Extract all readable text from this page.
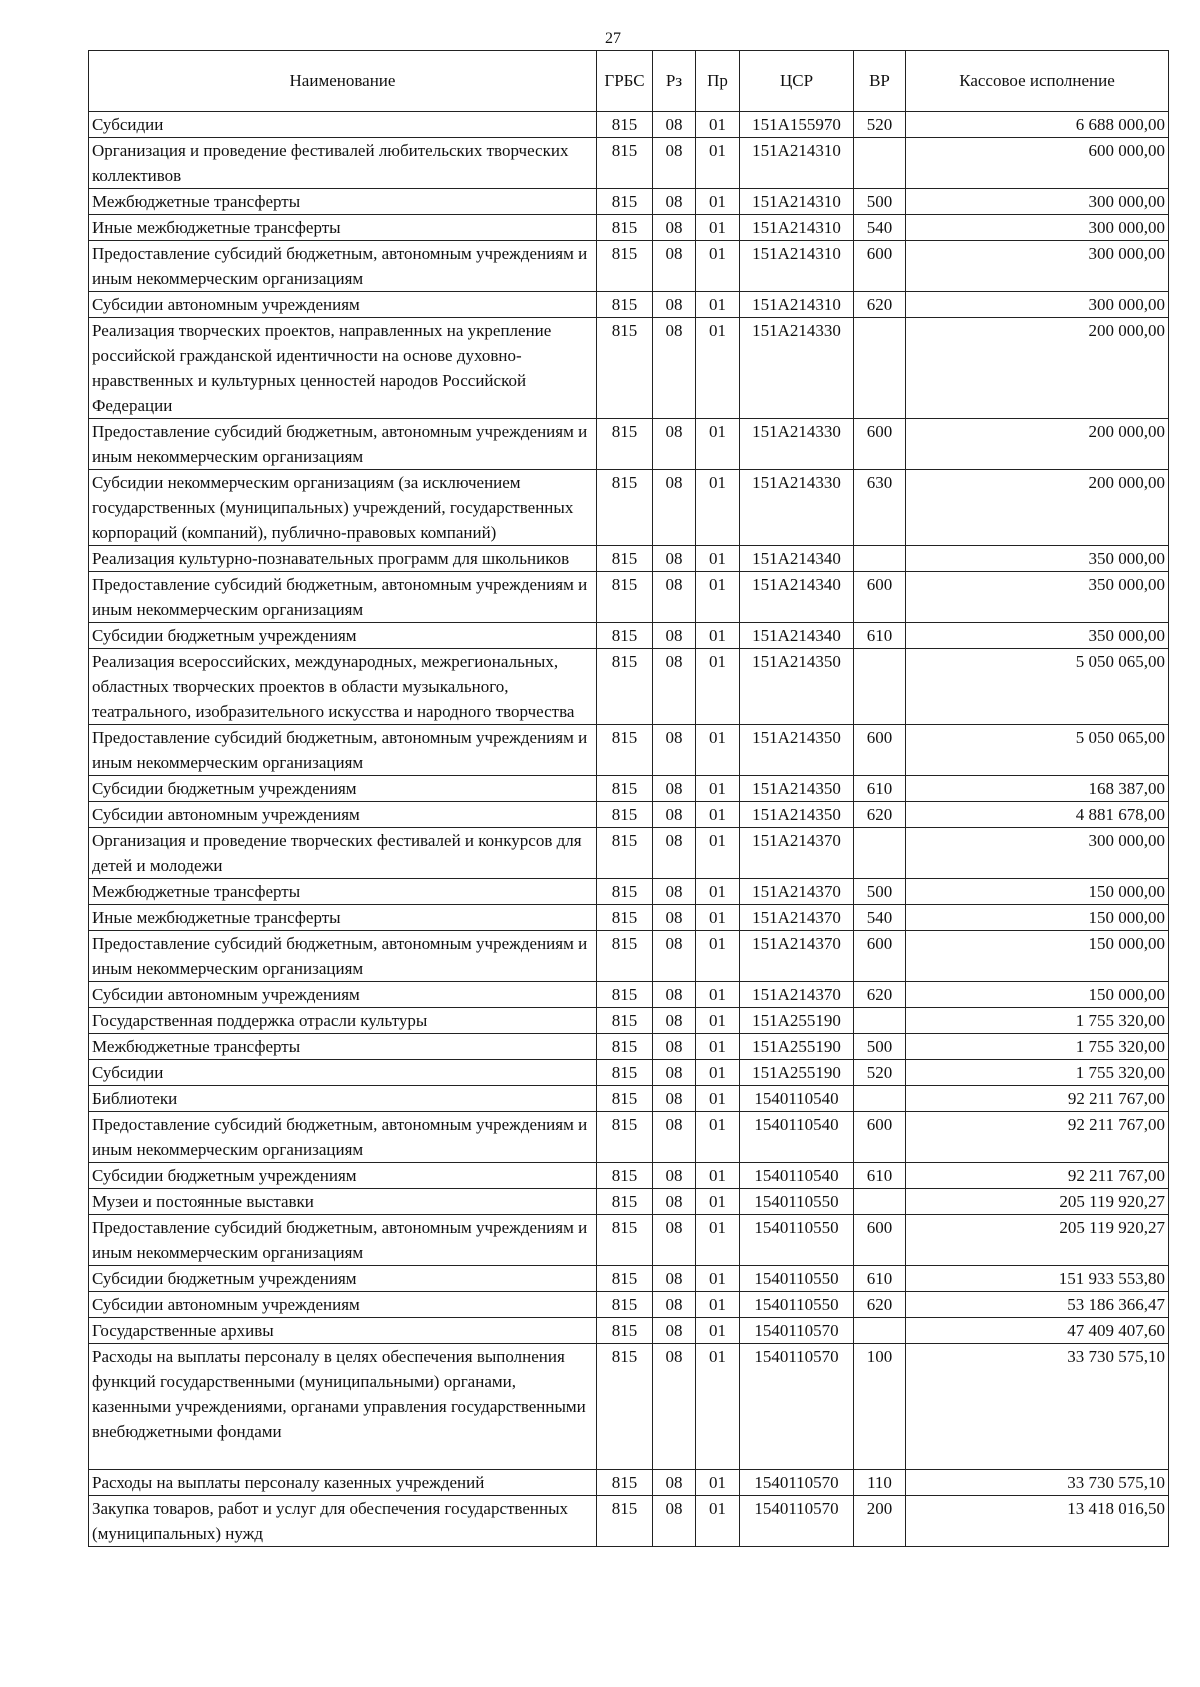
27
Наименование	ГРБС	Рз	Пр	ЦСР	ВР	Кассовое исполнение
Субсидии	815	08	01	151A155970	520	6 688 000,00
Организация и проведение фестивалей любительских творческих коллективов	815	08	01	151A214310		600 000,00
Межбюджетные трансферты	815	08	01	151A214310	500	300 000,00
Иные межбюджетные трансферты	815	08	01	151A214310	540	300 000,00
Предоставление субсидий бюджетным, автономным учреждениям и иным некоммерческим организациям	815	08	01	151A214310	600	300 000,00
Субсидии автономным учреждениям	815	08	01	151A214310	620	300 000,00
Реализация творческих проектов, направленных на укрепление российской гражданской идентичности на основе духовно-нравственных и культурных ценностей народов Российской Федерации	815	08	01	151A214330		200 000,00
Предоставление субсидий бюджетным, автономным учреждениям и иным некоммерческим организациям	815	08	01	151A214330	600	200 000,00
Субсидии некоммерческим организациям (за исключением государственных (муниципальных) учреждений, государственных корпораций (компаний), публично-правовых компаний)	815	08	01	151A214330	630	200 000,00
Реализация культурно-познавательных программ для школьников	815	08	01	151A214340		350 000,00
Предоставление субсидий бюджетным, автономным учреждениям и иным некоммерческим организациям	815	08	01	151A214340	600	350 000,00
Субсидии бюджетным учреждениям	815	08	01	151A214340	610	350 000,00
Реализация всероссийских, международных, межрегиональных, областных творческих проектов в области музыкального, театрального, изобразительного искусства и народного творчества	815	08	01	151A214350		5 050 065,00
Предоставление субсидий бюджетным, автономным учреждениям и иным некоммерческим организациям	815	08	01	151A214350	600	5 050 065,00
Субсидии бюджетным учреждениям	815	08	01	151A214350	610	168 387,00
Субсидии автономным учреждениям	815	08	01	151A214350	620	4 881 678,00
Организация и проведение творческих фестивалей и конкурсов для детей и молодежи	815	08	01	151A214370		300 000,00
Межбюджетные трансферты	815	08	01	151A214370	500	150 000,00
Иные межбюджетные трансферты	815	08	01	151A214370	540	150 000,00
Предоставление субсидий бюджетным, автономным учреждениям и иным некоммерческим организациям	815	08	01	151A214370	600	150 000,00
Субсидии автономным учреждениям	815	08	01	151A214370	620	150 000,00
Государственная поддержка отрасли культуры	815	08	01	151A255190		1 755 320,00
Межбюджетные трансферты	815	08	01	151A255190	500	1 755 320,00
Субсидии	815	08	01	151A255190	520	1 755 320,00
Библиотеки	815	08	01	1540110540		92 211 767,00
Предоставление субсидий бюджетным, автономным учреждениям и иным некоммерческим организациям	815	08	01	1540110540	600	92 211 767,00
Субсидии бюджетным учреждениям	815	08	01	1540110540	610	92 211 767,00
Музеи и постоянные выставки	815	08	01	1540110550		205 119 920,27
Предоставление субсидий бюджетным, автономным учреждениям и иным некоммерческим организациям	815	08	01	1540110550	600	205 119 920,27
Субсидии бюджетным учреждениям	815	08	01	1540110550	610	151 933 553,80
Субсидии автономным учреждениям	815	08	01	1540110550	620	53 186 366,47
Государственные архивы	815	08	01	1540110570		47 409 407,60
Расходы на выплаты персоналу в целях обеспечения выполнения функций государственными (муниципальными) органами, казенными учреждениями, органами управления государственными внебюджетными фондами	815	08	01	1540110570	100	33 730 575,10
Расходы на выплаты персоналу казенных учреждений	815	08	01	1540110570	110	33 730 575,10
Закупка товаров, работ и услуг для обеспечения государственных (муниципальных) нужд	815	08	01	1540110570	200	13 418 016,50
